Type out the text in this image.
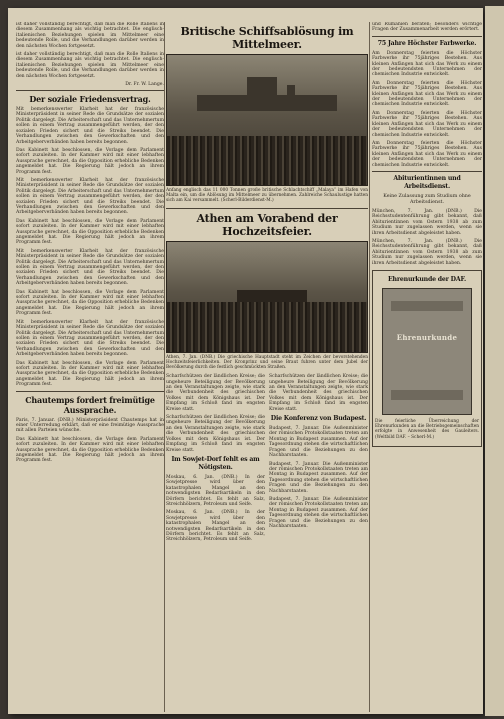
ist daher vollständig berechtigt, daß man die Rolle Italiens in diesem Zusammenhang als wichtig betrachtet. Die englisch-italienischen Beziehungen spielen im Mittelmeer eine bedeutende Rolle, und die Verhandlungen darüber werden in den nächsten Wochen fortgesetzt.

ist daher vollständig berechtigt, daß man die Rolle Italiens in diesem Zusammenhang als wichtig betrachtet. Die englisch-italienischen Beziehungen spielen im Mittelmeer eine bedeutende Rolle, und die Verhandlungen darüber werden in den nächsten Wochen fortgesetzt.

Dr. Fr. W. Lange.
Der soziale Friedensvertrag.

Mit bemerkenswerter Klarheit hat der französische Ministerpräsident in seiner Rede die Grundsätze der sozialen Politik dargelegt. Die Arbeiterschaft und das Unternehmertum sollen in einem Vertrag zusammengeführt werden, der den sozialen Frieden sichert und die Streiks beendet. Die Verhandlungen zwischen den Gewerkschaften und den Arbeitgeberverbänden haben bereits begonnen.

Das Kabinett hat beschlossen, die Vorlage dem Parlament sofort zuzuleiten. In der Kammer wird mit einer lebhaften Aussprache gerechnet, da die Opposition erhebliche Bedenken angemeldet hat. Die Regierung hält jedoch an ihrem Programm fest.

Mit bemerkenswerter Klarheit hat der französische Ministerpräsident in seiner Rede die Grundsätze der sozialen Politik dargelegt. Die Arbeiterschaft und das Unternehmertum sollen in einem Vertrag zusammengeführt werden, der den sozialen Frieden sichert und die Streiks beendet. Die Verhandlungen zwischen den Gewerkschaften und den Arbeitgeberverbänden haben bereits begonnen.

Das Kabinett hat beschlossen, die Vorlage dem Parlament sofort zuzuleiten. In der Kammer wird mit einer lebhaften Aussprache gerechnet, da die Opposition erhebliche Bedenken angemeldet hat. Die Regierung hält jedoch an ihrem Programm fest.

Mit bemerkenswerter Klarheit hat der französische Ministerpräsident in seiner Rede die Grundsätze der sozialen Politik dargelegt. Die Arbeiterschaft und das Unternehmertum sollen in einem Vertrag zusammengeführt werden, der den sozialen Frieden sichert und die Streiks beendet. Die Verhandlungen zwischen den Gewerkschaften und den Arbeitgeberverbänden haben bereits begonnen.

Das Kabinett hat beschlossen, die Vorlage dem Parlament sofort zuzuleiten. In der Kammer wird mit einer lebhaften Aussprache gerechnet, da die Opposition erhebliche Bedenken angemeldet hat. Die Regierung hält jedoch an ihrem Programm fest.

Mit bemerkenswerter Klarheit hat der französische Ministerpräsident in seiner Rede die Grundsätze der sozialen Politik dargelegt. Die Arbeiterschaft und das Unternehmertum sollen in einem Vertrag zusammengeführt werden, der den sozialen Frieden sichert und die Streiks beendet. Die Verhandlungen zwischen den Gewerkschaften und den Arbeitgeberverbänden haben bereits begonnen.

Das Kabinett hat beschlossen, die Vorlage dem Parlament sofort zuzuleiten. In der Kammer wird mit einer lebhaften Aussprache gerechnet, da die Opposition erhebliche Bedenken angemeldet hat. Die Regierung hält jedoch an ihrem Programm fest.

Chautemps fordert freimütige Aussprache.

Paris, 7. Januar. (DNB.) Ministerpräsident Chautemps hat in einer Unterredung erklärt, daß er eine freimütige Aussprache mit allen Parteien wünsche.

Das Kabinett hat beschlossen, die Vorlage dem Parlament sofort zuzuleiten. In der Kammer wird mit einer lebhaften Aussprache gerechnet, da die Opposition erhebliche Bedenken angemeldet hat. Die Regierung hält jedoch an ihrem Programm fest.

Britische Schiffsablösung im Mittelmeer.

Anfang englisch das 11 000 Tonnen große britische Schlachtschiff „Malaya“ im Hafen von Malta ein, um die Ablösung im Mittelmeer zu übernehmen. Zahlreiche Schaulustige hatten sich am Kai versammelt. (Scherl-Bilderdienst-M.)

Athen am Vorabend der Hochzeitsfeier.

Athen, 7. Jan. (DNB.) Die griechische Hauptstadt steht im Zeichen der bevorstehenden Hochzeitsfeierlichkeiten. Der Kronprinz und seine Braut fuhren unter dem Jubel der Bevölkerung durch die festlich geschmückten Straßen.

Scharfschützen der ländlichen Kreise; die ungeheure Beteiligung der Bevölkerung an den Veranstaltungen zeigte, wie stark die Verbundenheit des griechischen Volkes mit dem Königshaus ist. Der Empfang im Schloß fand im engsten Kreise statt.

Scharfschützen der ländlichen Kreise; die ungeheure Beteiligung der Bevölkerung an den Veranstaltungen zeigte, wie stark die Verbundenheit des griechischen Volkes mit dem Königshaus ist. Der Empfang im Schloß fand im engsten Kreise statt.

Im Sowjet-Dorf fehlt es am Nötigsten.

Moskau, 6. Jan. (DNB.) In der Sowjetpresse wird über den katastrophalen Mangel an den notwendigsten Bedarfsartikeln in den Dörfern berichtet. Es fehlt an Salz, Streichhölzern, Petroleum und Seife.

Moskau, 6. Jan. (DNB.) In der Sowjetpresse wird über den katastrophalen Mangel an den notwendigsten Bedarfsartikeln in den Dörfern berichtet. Es fehlt an Salz, Streichhölzern, Petroleum und Seife.

Scharfschützen der ländlichen Kreise; die ungeheure Beteiligung der Bevölkerung an den Veranstaltungen zeigte, wie stark die Verbundenheit des griechischen Volkes mit dem Königshaus ist. Der Empfang im Schloß fand im engsten Kreise statt.

Die Konferenz von Budapest.

Budapest, 7. Januar. Die Außenminister der römischen Protokollstaaten treten am Montag in Budapest zusammen. Auf der Tagesordnung stehen die wirtschaftlichen Fragen und die Beziehungen zu den Nachbarstaaten.

Budapest, 7. Januar. Die Außenminister der römischen Protokollstaaten treten am Montag in Budapest zusammen. Auf der Tagesordnung stehen die wirtschaftlichen Fragen und die Beziehungen zu den Nachbarstaaten.

Budapest, 7. Januar. Die Außenminister der römischen Protokollstaaten treten am Montag in Budapest zusammen. Auf der Tagesordnung stehen die wirtschaftlichen Fragen und die Beziehungen zu den Nachbarstaaten.

und Rumänien beraten; besonders wichtige Fragen der Zusammenarbeit werden erörtert.

75 Jahre Höchster Farbwerke.

Am Donnerstag feierten die Höchster Farbwerke ihr 75jähriges Bestehen. Aus kleinen Anfängen hat sich das Werk zu einem der bedeutendsten Unternehmen der chemischen Industrie entwickelt.

Am Donnerstag feierten die Höchster Farbwerke ihr 75jähriges Bestehen. Aus kleinen Anfängen hat sich das Werk zu einem der bedeutendsten Unternehmen der chemischen Industrie entwickelt.

Am Donnerstag feierten die Höchster Farbwerke ihr 75jähriges Bestehen. Aus kleinen Anfängen hat sich das Werk zu einem der bedeutendsten Unternehmen der chemischen Industrie entwickelt.

Am Donnerstag feierten die Höchster Farbwerke ihr 75jähriges Bestehen. Aus kleinen Anfängen hat sich das Werk zu einem der bedeutendsten Unternehmen der chemischen Industrie entwickelt.

Abiturientinnen und Arbeitsdienst.
Keine Zulassung zum Studium ohne Arbeitsdienst.

München, 7. Jan. (DNB.) Die Reichsstudentenführung gibt bekannt, daß Abiturientinnen vom Ostern 1938 ab zum Studium nur zugelassen werden, wenn sie ihren Arbeitsdienst abgeleistet haben.

München, 7. Jan. (DNB.) Die Reichsstudentenführung gibt bekannt, daß Abiturientinnen vom Ostern 1938 ab zum Studium nur zugelassen werden, wenn sie ihren Arbeitsdienst abgeleistet haben.

Ehrenurkunde der DAF.
Ehrenurkunde

Die feierliche Überreichung der Ehrenurkunden an die Betriebsgemeinschaften erfolgte in Anwesenheit des Gauleiters. (Weltbild DAF. – Scherl-M.)
